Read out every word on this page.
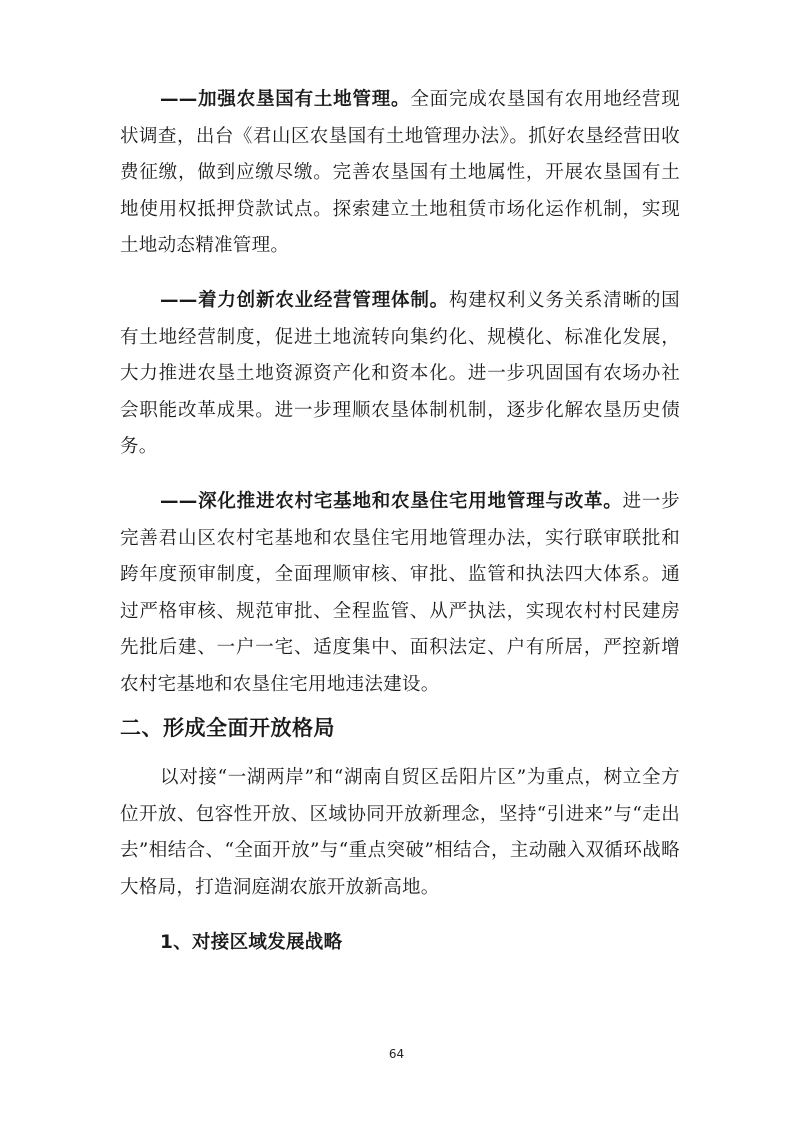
——加强农垦国有土地管理。全面完成农垦国有农用地经营现状调查，出台《君山区农垦国有土地管理办法》。抓好农垦经营田收费征缴，做到应缴尽缴。完善农垦国有土地属性，开展农垦国有土地使用权抵押贷款试点。探索建立土地租赁市场化运作机制，实现土地动态精准管理。

——着力创新农业经营管理体制。构建权利义务关系清晰的国有土地经营制度，促进土地流转向集约化、规模化、标准化发展，大力推进农垦土地资源资产化和资本化。进一步巩固国有农场办社会职能改革成果。进一步理顺农垦体制机制，逐步化解农垦历史债务。

——深化推进农村宅基地和农垦住宅用地管理与改革。进一步完善君山区农村宅基地和农垦住宅用地管理办法，实行联审联批和跨年度预审制度，全面理顺审核、审批、监管和执法四大体系。通过严格审核、规范审批、全程监管、从严执法，实现农村村民建房先批后建、一户一宅、适度集中、面积法定、户有所居，严控新增农村宅基地和农垦住宅用地违法建设。

二、形成全面开放格局

以对接“一湖两岸”和“湖南自贸区岳阳片区”为重点，树立全方位开放、包容性开放、区域协同开放新理念，坚持“引进来”与“走出去”相结合、“全面开放”与“重点突破”相结合，主动融入双循环战略大格局，打造洞庭湖农旅开放新高地。

1、对接区域发展战略
64
